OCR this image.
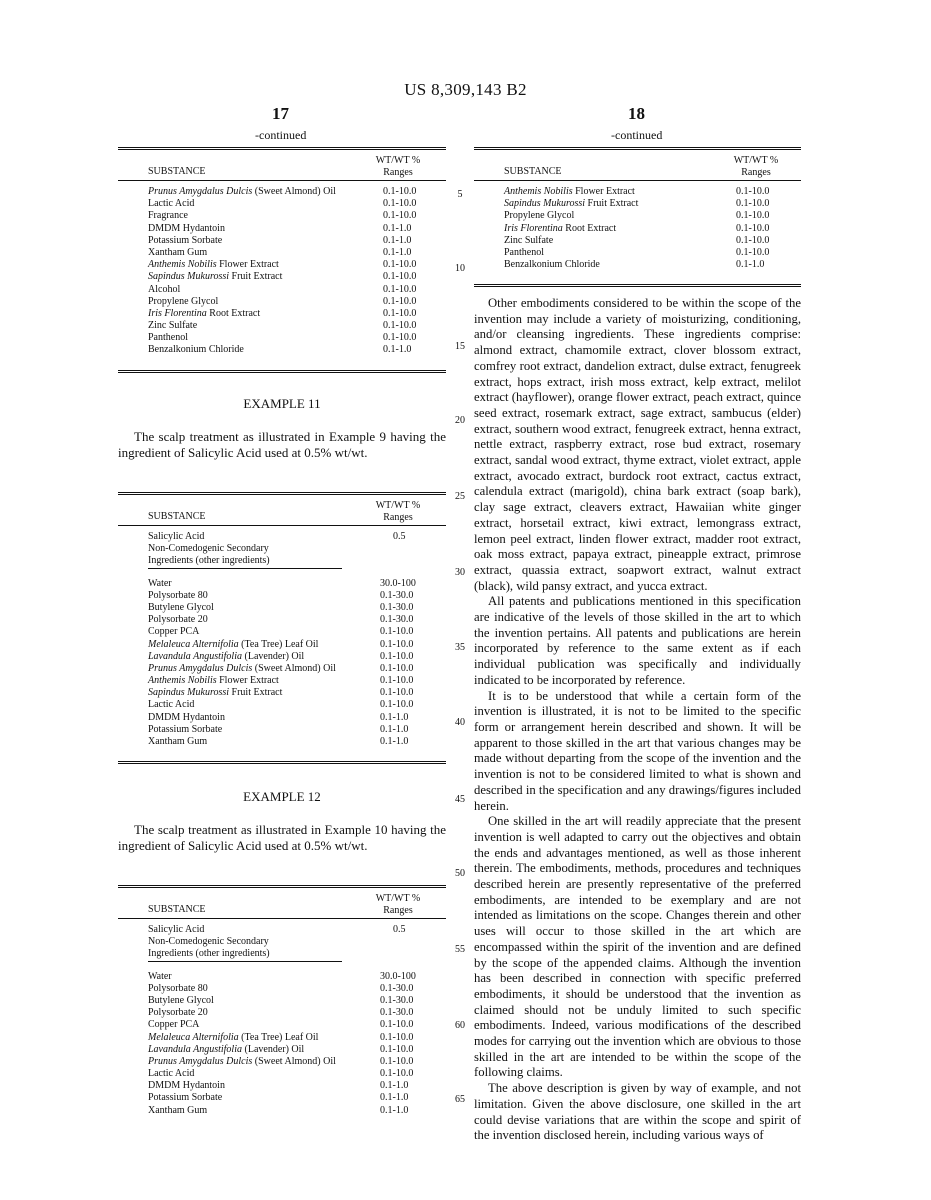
US 8,309,143 B2
17	18
-continued	-continued
SUBSTANCE
WT/WT %
Ranges
Prunus Amygdalus Dulcis (Sweet Almond) Oil	0.1-10.0
Lactic Acid	0.1-10.0
Fragrance	0.1-10.0
DMDM Hydantoin	0.1-1.0
Potassium Sorbate	0.1-1.0
Xantham Gum	0.1-1.0
Anthemis Nobilis Flower Extract	0.1-10.0
Sapindus Mukurossi Fruit Extract	0.1-10.0
Alcohol	0.1-10.0
Propylene Glycol	0.1-10.0
Iris Florentina Root Extract	0.1-10.0
Zinc Sulfate	0.1-10.0
Panthenol	0.1-10.0
Benzalkonium Chloride	0.1-1.0
SUBSTANCE
WT/WT %
Ranges
Anthemis Nobilis Flower Extract	0.1-10.0
Sapindus Mukurossi Fruit Extract	0.1-10.0
Propylene Glycol	0.1-10.0
Iris Florentina Root Extract	0.1-10.0
Zinc Sulfate	0.1-10.0
Panthenol	0.1-10.0
Benzalkonium Chloride	0.1-1.0
EXAMPLE 11

The scalp treatment as illustrated in Example 9 having the ingredient of Salicylic Acid used at 0.5% wt/wt.

SUBSTANCE
WT/WT %
Ranges
Salicylic Acid	0.5
Non-Comedogenic Secondary
Ingredients (other ingredients)
Water	30.0-100
Polysorbate 80	0.1-30.0
Butylene Glycol	0.1-30.0
Polysorbate 20	0.1-30.0
Copper PCA	0.1-10.0
Melaleuca Alternifolia (Tea Tree) Leaf Oil	0.1-10.0
Lavandula Angustifolia (Lavender) Oil	0.1-10.0
Prunus Amygdalus Dulcis (Sweet Almond) Oil	0.1-10.0
Anthemis Nobilis Flower Extract	0.1-10.0
Sapindus Mukurossi Fruit Extract	0.1-10.0
Lactic Acid	0.1-10.0
DMDM Hydantoin	0.1-1.0
Potassium Sorbate	0.1-1.0
Xantham Gum	0.1-1.0
EXAMPLE 12

The scalp treatment as illustrated in Example 10 having the ingredient of Salicylic Acid used at 0.5% wt/wt.

SUBSTANCE
WT/WT %
Ranges
Salicylic Acid	0.5
Non-Comedogenic Secondary
Ingredients (other ingredients)
Water	30.0-100
Polysorbate 80	0.1-30.0
Butylene Glycol	0.1-30.0
Polysorbate 20	0.1-30.0
Copper PCA	0.1-10.0
Melaleuca Alternifolia (Tea Tree) Leaf Oil	0.1-10.0
Lavandula Angustifolia (Lavender) Oil	0.1-10.0
Prunus Amygdalus Dulcis (Sweet Almond) Oil	0.1-10.0
Lactic Acid	0.1-10.0
DMDM Hydantoin	0.1-1.0
Potassium Sorbate	0.1-1.0
Xantham Gum	0.1-1.0
5
10
15
20
25
30
35
40
45
50
55
60
65

Other embodiments considered to be within the scope of the invention may include a variety of moisturizing, conditioning, and/or cleansing ingredients. These ingredients comprise: almond extract, chamomile extract, clover blossom extract, comfrey root extract, dandelion extract, dulse extract, fenugreek extract, hops extract, irish moss extract, kelp extract, melilot extract (hayflower), orange flower extract, peach extract, quince seed extract, rosemark extract, sage extract, sambucus (elder) extract, southern wood extract, fenugreek extract, henna extract, nettle extract, raspberry extract, rose bud extract, rosemary extract, sandal wood extract, thyme extract, violet extract, apple extract, avocado extract, burdock root extract, cactus extract, calendula extract (marigold), china bark extract (soap bark), clay sage extract, cleavers extract, Hawaiian white ginger extract, horsetail extract, kiwi extract, lemongrass extract, lemon peel extract, linden flower extract, madder root extract, oak moss extract, papaya extract, pineapple extract, primrose extract, quassia extract, soapwort extract, walnut extract (black), wild pansy extract, and yucca extract.

All patents and publications mentioned in this specification are indicative of the levels of those skilled in the art to which the invention pertains. All patents and publications are herein incorporated by reference to the same extent as if each individual publication was specifically and individually indicated to be incorporated by reference.

It is to be understood that while a certain form of the invention is illustrated, it is not to be limited to the specific form or arrangement herein described and shown. It will be apparent to those skilled in the art that various changes may be made without departing from the scope of the invention and the invention is not to be considered limited to what is shown and described in the specification and any drawings/figures included herein.

One skilled in the art will readily appreciate that the present invention is well adapted to carry out the objectives and obtain the ends and advantages mentioned, as well as those inherent therein. The embodiments, methods, procedures and techniques described herein are presently representative of the preferred embodiments, are intended to be exemplary and are not intended as limitations on the scope. Changes therein and other uses will occur to those skilled in the art which are encompassed within the spirit of the invention and are defined by the scope of the appended claims. Although the invention has been described in connection with specific preferred embodiments, it should be understood that the invention as claimed should not be unduly limited to such specific embodiments. Indeed, various modifications of the described modes for carrying out the invention which are obvious to those skilled in the art are intended to be within the scope of the following claims.

The above description is given by way of example, and not limitation. Given the above disclosure, one skilled in the art could devise variations that are within the scope and spirit of the invention disclosed herein, including various ways of
